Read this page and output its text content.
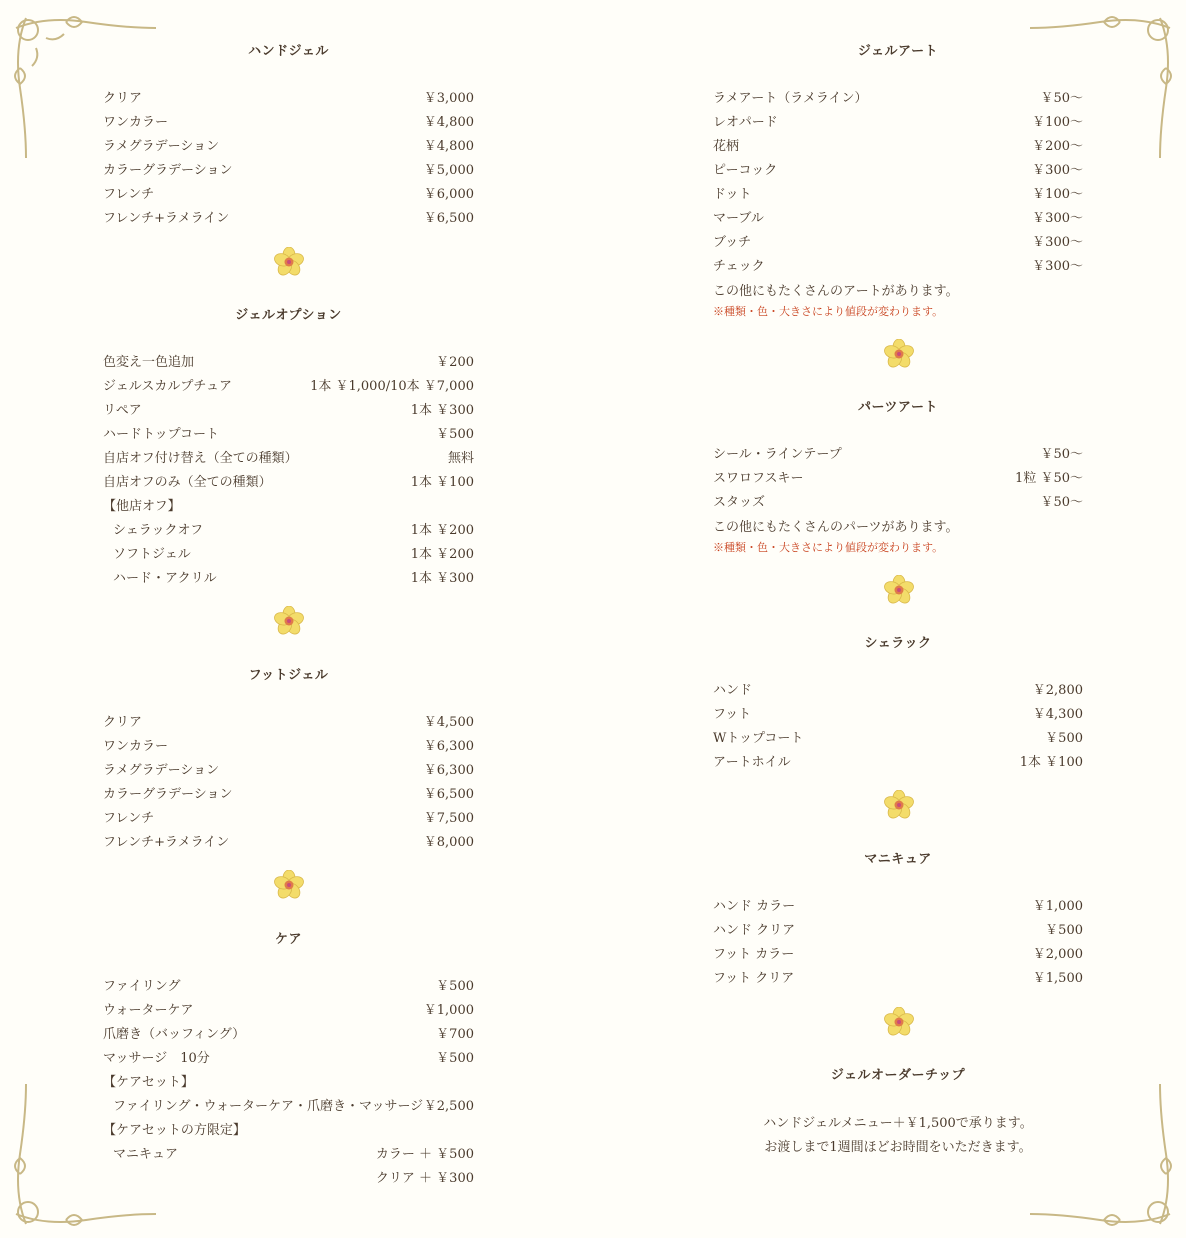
ハンドジェル
クリア	￥3,000
ワンカラー	￥4,800
ラメグラデーション	￥4,800
カラーグラデーション	￥5,000
フレンチ	￥6,000
フレンチ+ラメライン	￥6,500
ジェルオプション
色変え一色追加	￥200
ジェルスカルプチュア	1本 ￥1,000/10本 ￥7,000
リペア	1本 ￥300
ハードトップコート	￥500
自店オフ付け替え（全ての種類）	無料
自店オフのみ（全ての種類）	1本 ￥100
【他店オフ】
シェラックオフ	1本 ￥200
ソフトジェル	1本 ￥200
ハード・アクリル	1本 ￥300
フットジェル
クリア	￥4,500
ワンカラー	￥6,300
ラメグラデーション	￥6,300
カラーグラデーション	￥6,500
フレンチ	￥7,500
フレンチ+ラメライン	￥8,000
ケア
ファイリング	￥500
ウォーターケア	￥1,000
爪磨き（バッフィング）	￥700
マッサージ　10分	￥500
【ケアセット】
ファイリング・ウォーターケア・爪磨き・マッサージ ￥2,500
【ケアセットの方限定】
マニキュア	カラー ＋ ￥500
クリア ＋ ￥300
ジェルアート
ラメアート（ラメライン）	￥50～
レオパード	￥100～
花柄	￥200～
ピーコック	￥300～
ドット	￥100～
マーブル	￥300～
ブッチ	￥300～
チェック	￥300～
この他にもたくさんのアートがあります。
※種類・色・大きさにより値段が変わります。
パーツアート
シール・ラインテープ	￥50～
スワロフスキー	1粒 ￥50～
スタッズ	￥50～
この他にもたくさんのパーツがあります。
※種類・色・大きさにより値段が変わります。
シェラック
ハンド	￥2,800
フット	￥4,300
Wトップコート	￥500
アートホイル	1本 ￥100
マニキュア
ハンド カラー	￥1,000
ハンド クリア	￥500
フット カラー	￥2,000
フット クリア	￥1,500
ジェルオーダーチップ
ハンドジェルメニュー＋￥1,500で承ります。
お渡しまで1週間ほどお時間をいただきます。
